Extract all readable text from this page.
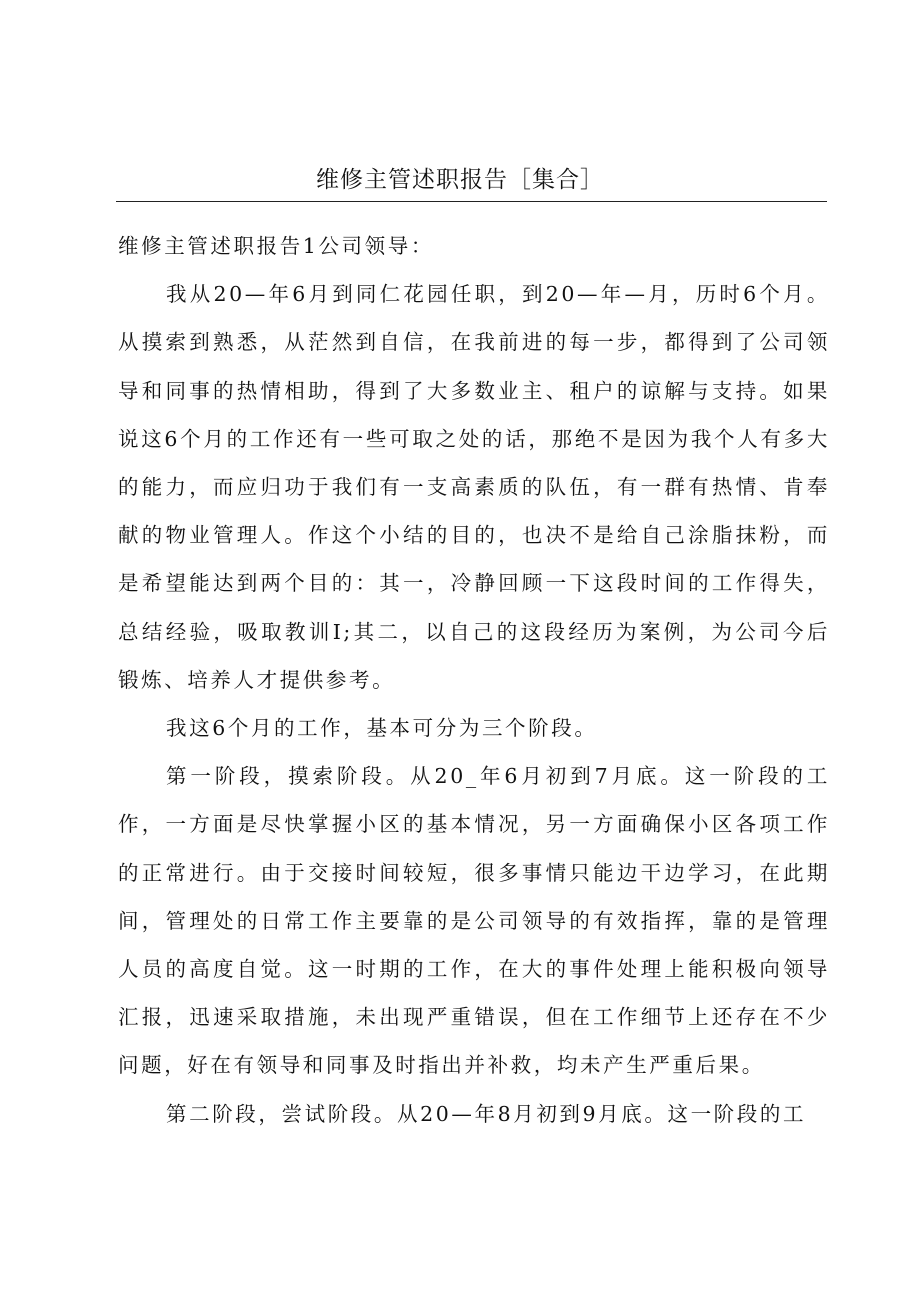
维修主管述职报告［集合］

维修主管述职报告1公司领导：

我从20—年6月到同仁花园任职，到20—年—月，历时6个月。从摸索到熟悉，从茫然到自信，在我前进的每一步，都得到了公司领导和同事的热情相助，得到了大多数业主、租户的谅解与支持。如果说这6个月的工作还有一些可取之处的话，那绝不是因为我个人有多大的能力，而应归功于我们有一支高素质的队伍，有一群有热情、肯奉献的物业管理人。作这个小结的目的，也决不是给自己涂脂抹粉，而是希望能达到两个目的：其一，冷静回顾一下这段时间的工作得失，总结经验，吸取教训I;其二，以自己的这段经历为案例，为公司今后锻炼、培养人才提供参考。

我这6个月的工作，基本可分为三个阶段。

第一阶段，摸索阶段。从20_年6月初到7月底。这一阶段的工作，一方面是尽快掌握小区的基本情况，另一方面确保小区各项工作的正常进行。由于交接时间较短，很多事情只能边干边学习，在此期间，管理处的日常工作主要靠的是公司领导的有效指挥，靠的是管理人员的高度自觉。这一时期的工作，在大的事件处理上能积极向领导汇报，迅速采取措施，未出现严重错误，但在工作细节上还存在不少问题，好在有领导和同事及时指出并补救，均未产生严重后果。

第二阶段，尝试阶段。从20—年8月初到9月底。这一阶段的工
